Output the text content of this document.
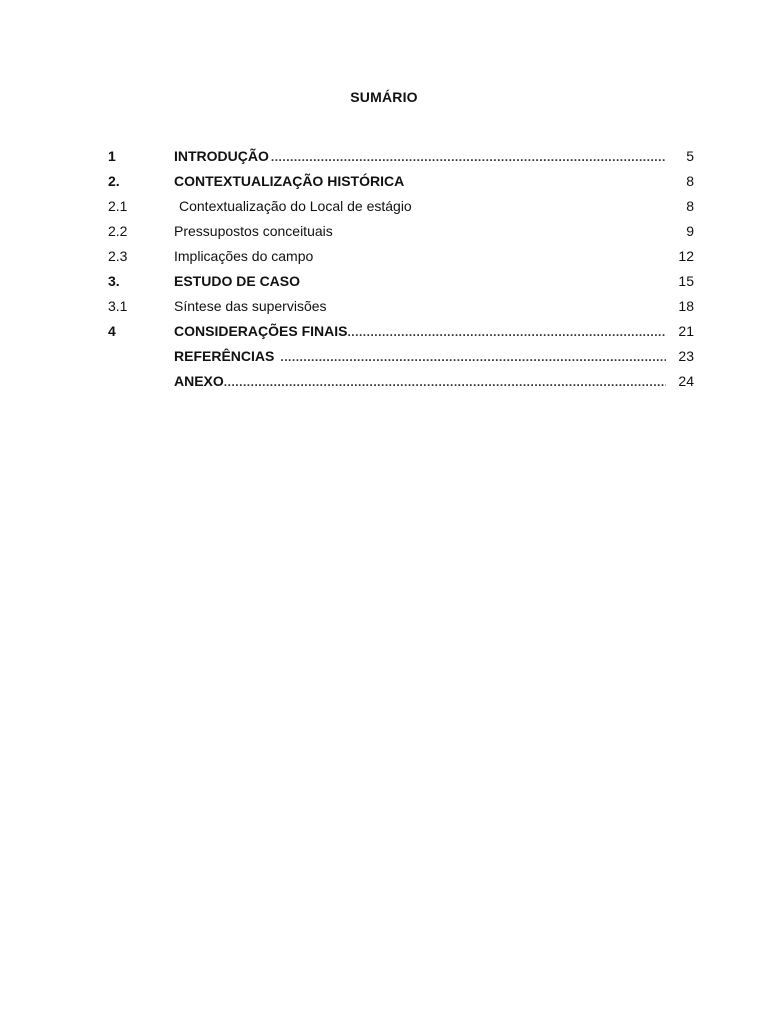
SUMÁRIO
1	INTRODUÇÃO .....	5
2.	CONTEXTUALIZAÇÃO HISTÓRICA	8
2.1	Contextualização do Local de estágio	8
2.2	Pressupostos conceituais	9
2.3	Implicações do campo	12
3.	ESTUDO DE CASO	15
3.1	Síntese das supervisões	18
4	CONSIDERAÇÕES FINAIS .....	21
REFERÊNCIAS .....	23
ANEXO .....	24
